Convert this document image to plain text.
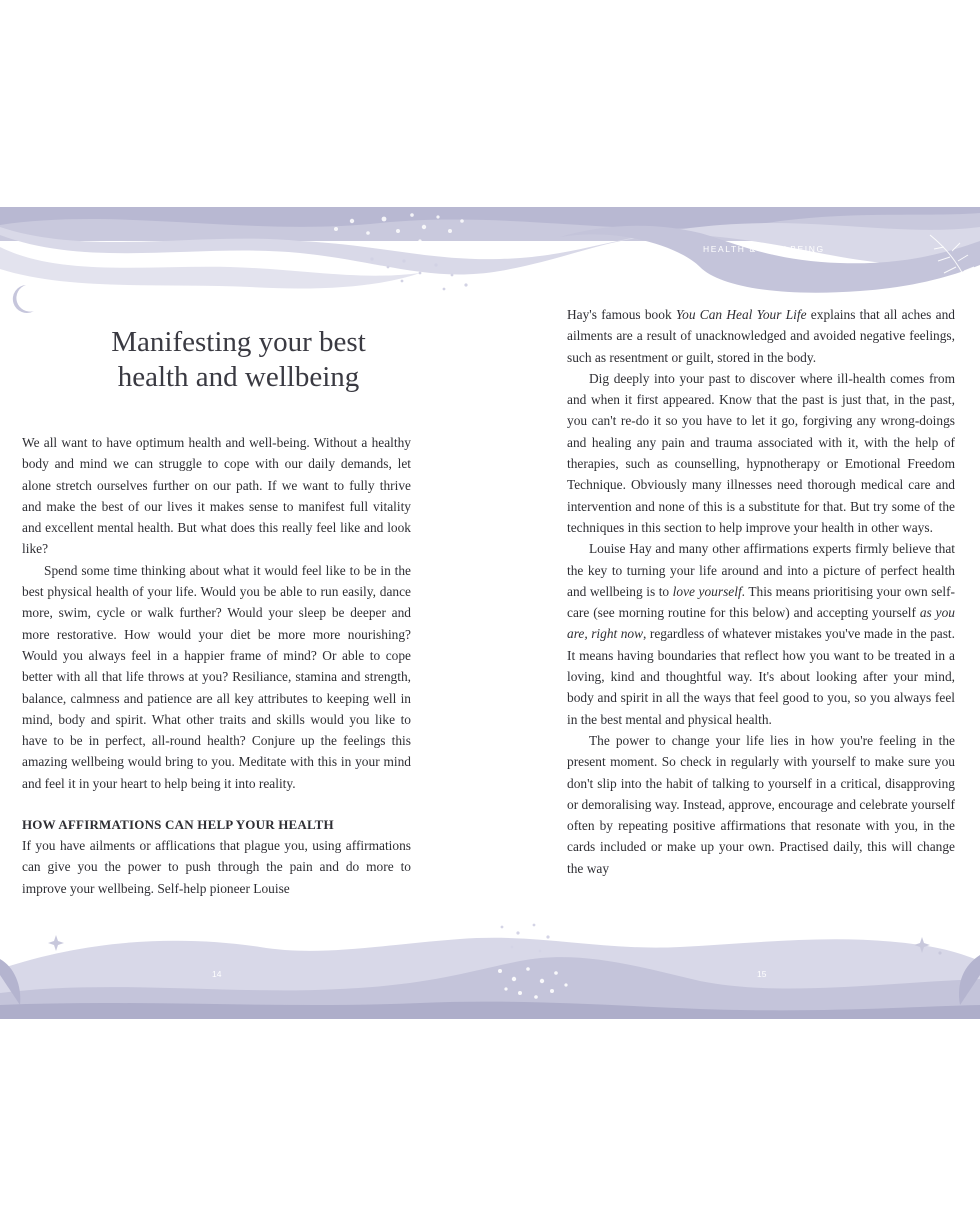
HEALTH & WELLBEING
Manifesting your best
health and wellbeing

We all want to have optimum health and well-being. Without a healthy body and mind we can struggle to cope with our daily demands, let alone stretch ourselves further on our path. If we want to fully thrive and make the best of our lives it makes sense to manifest full vitality and excellent mental health. But what does this really feel like and look like?

Spend some time thinking about what it would feel like to be in the best physical health of your life. Would you be able to run easily, dance more, swim, cycle or walk further? Would your sleep be deeper and more restorative. How would your diet be more more nourishing? Would you always feel in a happier frame of mind? Or able to cope better with all that life throws at you? Resiliance, stamina and strength, balance, calmness and patience are all key attributes to keeping well in mind, body and spirit. What other traits and skills would you like to have to be in perfect, all-round health? Conjure up the feelings this amazing wellbeing would bring to you. Meditate with this in your mind and feel it in your heart to help being it into reality.

HOW AFFIRMATIONS CAN HELP YOUR HEALTH

If you have ailments or afflications that plague you, using affirmations can give you the power to push through the pain and do more to improve your wellbeing. Self-help pioneer Louise

Hay's famous book You Can Heal Your Life explains that all aches and ailments are a result of unacknowledged and avoided negative feelings, such as resentment or guilt, stored in the body.

Dig deeply into your past to discover where ill-health comes from and when it first appeared. Know that the past is just that, in the past, you can't re-do it so you have to let it go, forgiving any wrong-doings and healing any pain and trauma associated with it, with the help of therapies, such as counselling, hypnotherapy or Emotional Freedom Technique. Obviously many illnesses need thorough medical care and intervention and none of this is a substitute for that. But try some of the techniques in this section to help improve your health in other ways.

Louise Hay and many other affirmations experts firmly believe that the key to turning your life around and into a picture of perfect health and wellbeing is to love yourself. This means prioritising your own self-care (see morning routine for this below) and accepting yourself as you are, right now, regardless of whatever mistakes you've made in the past. It means having boundaries that reflect how you want to be treated in a loving, kind and thoughtful way. It's about looking after your mind, body and spirit in all the ways that feel good to you, so you always feel in the best mental and physical health.

The power to change your life lies in how you're feeling in the present moment. So check in regularly with yourself to make sure you don't slip into the habit of talking to yourself in a critical, disapproving or demoralising way. Instead, approve, encourage and celebrate yourself often by repeating positive affirmations that resonate with you, in the cards included or make up your own. Practised daily, this will change the way

14	15
